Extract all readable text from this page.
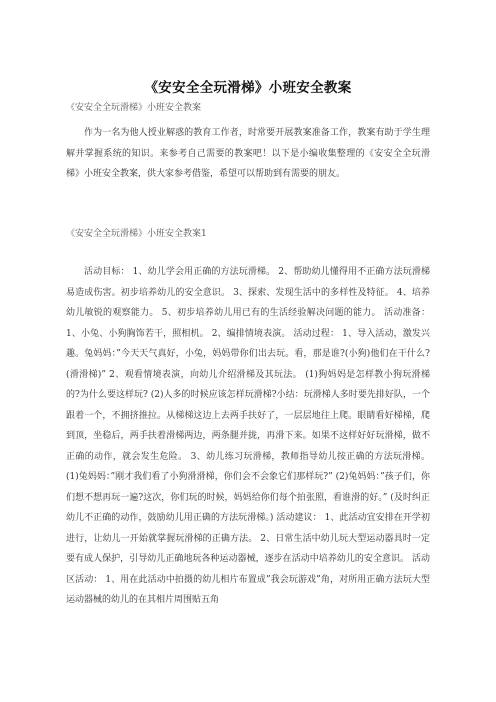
《安安全全玩滑梯》小班安全教案

《安安全全玩滑梯》小班安全教案

作为一名为他人授业解惑的教育工作者，时常要开展教案准备工作，教案有助于学生理解并掌握系统的知识。来参考自己需要的教案吧！以下是小编收集整理的《安安全全玩滑梯》小班安全教案，供大家参考借鉴，希望可以帮助到有需要的朋友。

《安安全全玩滑梯》小班安全教案1

活动目标： 1、幼儿学会用正确的方法玩滑梯。 2、帮助幼儿懂得用不正确方法玩滑梯易造成伤害。初步培养幼儿的安全意识。 3、探索、发现生活中的多样性及特征。 4、培养幼儿敏锐的观察能力。 5、初步培养幼儿用已有的生活经验解决问题的能力。 活动准备： 1、小兔、小狗胸饰若干，照相机。 2、编排情境表演。 活动过程： 1、导入活动，激发兴趣。兔妈妈：”今天天气真好，小兔，妈妈带你们出去玩。看，那是谁?(小狗)他们在干什么?(滑滑梯)” 2、观看情境表演，向幼儿介绍滑梯及其玩法。 (1)狗妈妈是怎样教小狗玩滑梯的?为什么要这样玩? (2)人多的时候应该怎样玩滑梯?小结：玩滑梯人多时要先排好队，一个跟着一个，不拥挤推拉。从梯梯这边上去两手扶好了，一层层地往上爬。眼睛看好梯梯，爬到顶，坐稳后，两手扶着滑梯两边，两条腿并拢，再滑下来。如果不这样好好玩滑梯，做不正确的动作，就会发生危险。 3、幼儿练习玩滑梯，教师指导幼儿按正确的方法玩滑梯。 (1)兔妈妈：”刚才我们看了小狗滑滑梯，你们会不会象它们那样玩?” (2)兔妈妈：”孩子们，你们想不想再玩一遍?这次，你们玩的时候，妈妈给你们每个拍张照，看谁滑的好。” (及时纠正幼儿不正确的动作，鼓励幼儿用正确的方法玩滑梯。) 活动建议： 1、此活动宜安排在开学初进行，让幼儿一开始就掌握玩滑梯的正确方法。 2、日常生活中幼儿玩大型运动器具时一定要有成人保护，引导幼儿正确地玩各种运动器械，逐步在活动中培养幼儿的安全意识。 活动区活动： 1、用在此活动中拍摄的幼儿相片布置成”我会玩游戏”角，对所用正确方法玩大型运动器械的幼儿的在其相片周围贴五角
